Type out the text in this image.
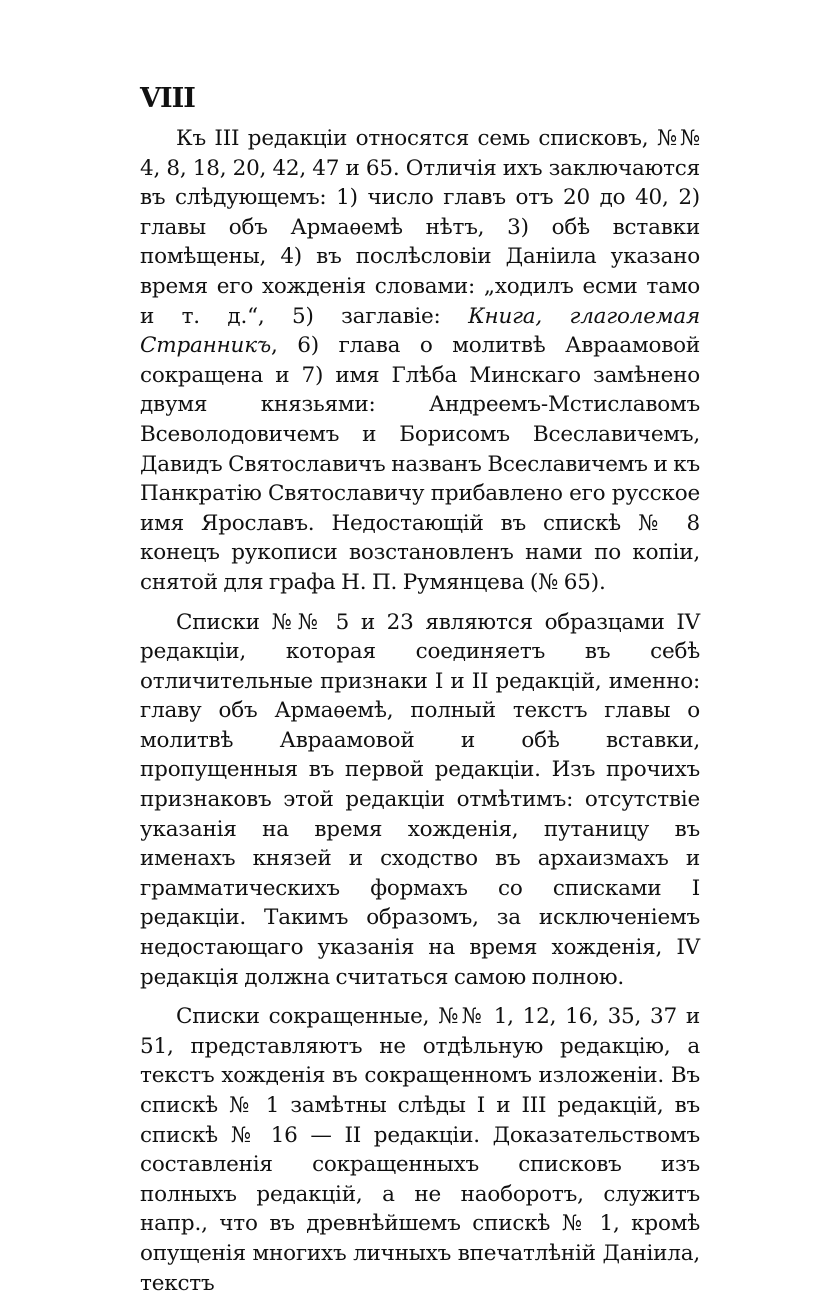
VIII

Къ III редакціи относятся семь списковъ, №№ 4, 8, 18, 20, 42, 47 и 65. Отличія ихъ заключаются въ слѣдующемъ: 1) число главъ отъ 20 до 40, 2) главы объ Армаѳемѣ нѣтъ, 3) обѣ вставки помѣщены, 4) въ послѣсловіи Даніила указано время его хожденія словами: „ходилъ есми тамо и т. д.“, 5) заглавіе: Книга, глаголемая Странникъ, 6) глава о молитвѣ Авраамовой сокращена и 7) имя Глѣба Минскаго замѣнено двумя князьями: Андреемъ-Мстиславомъ Всеволодовичемъ и Борисомъ Всеславичемъ, Давидъ Святославичъ названъ Всеславичемъ и къ Панкратію Святославичу прибавлено его русское имя Ярославъ. Недостающій въ спискѣ № 8 конецъ рукописи возстановленъ нами по копіи, снятой для графа Н. П. Румянцева (№ 65).

Списки №№ 5 и 23 являются образцами IV редакціи, которая соединяетъ въ себѣ отличительные признаки I и II редакцій, именно: главу объ Армаѳемѣ, полный текстъ главы о молитвѣ Авраамовой и обѣ вставки, пропущенныя въ первой редакціи. Изъ прочихъ признаковъ этой редакціи отмѣтимъ: отсутствіе указанія на время хожденія, путаницу въ именахъ князей и сходство въ архаизмахъ и грамматическихъ формахъ со списками I редакціи. Такимъ образомъ, за исключеніемъ недостающаго указанія на время хожденія, IV редакція должна считаться самою полною.

Списки сокращенные, №№ 1, 12, 16, 35, 37 и 51, представляютъ не отдѣльную редакцію, а текстъ хожденія въ сокращенномъ изложеніи. Въ спискѣ № 1 замѣтны слѣды I и III редакцій, въ спискѣ № 16 — II редакціи. Доказательствомъ составленія сокращенныхъ списковъ изъ полныхъ редакцій, а не наоборотъ, служитъ напр., что въ древнѣйшемъ спискѣ № 1, кромѣ опущенія многихъ личныхъ впечатлѣній Даніила, текстъ
